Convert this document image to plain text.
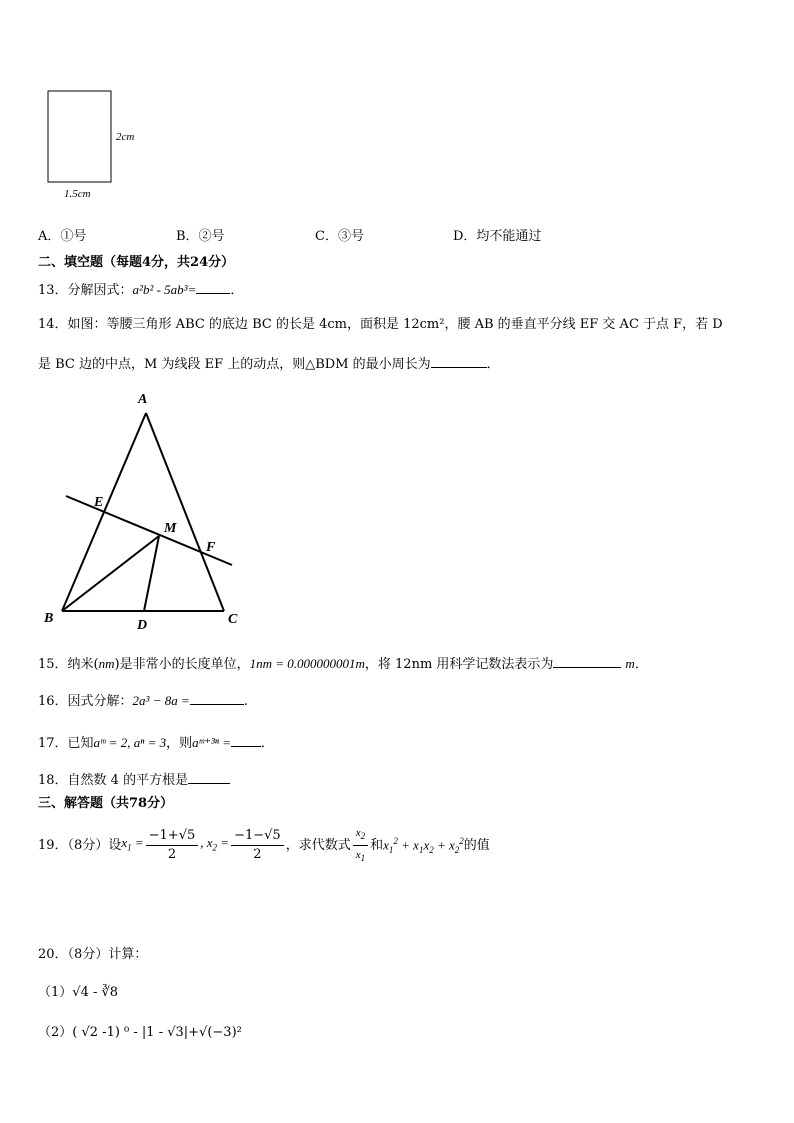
2cm
1.5cm
A．①号	B．②号	C．③号	D．均不能通过
二、填空题（每题4分，共24分）
13．分解因式：a²b² - 5ab³=	．
14．如图：等腰三角形 ABC 的底边 BC 的长是 4cm，面积是 12cm²，腰 AB 的垂直平分线 EF 交 AC 于点 F，若 D
是 BC 边的中点，M 为线段 EF 上的动点，则△BDM 的最小周长为	．
A
E
M
F
B	D	C
15．纳米(nm)是非常小的长度单位，1nm = 0.000000001m，将 12nm 用科学记数法表示为	m．
16．因式分解：2a³ − 8a =	.
17．已知aᵐ = 2, aⁿ = 3，则aᵐ⁺³ⁿ = ．
18．自然数 4 的平方根是
三、解答题（共78分）
19．（8分）设 $x_1 = \frac{-1+√5}{2}$ , $x_2 = \frac{-1-√5}{2}$ ，求代数式 $\frac{x_2}{x_1}$ 和 $x_1^2 + x_1x_2 + x_2^2$ 的值
20．（8分）计算：
（1）√4 - ∛8
（2）( √2 -1) ⁰ - |1 - √3|+√(−3)²
